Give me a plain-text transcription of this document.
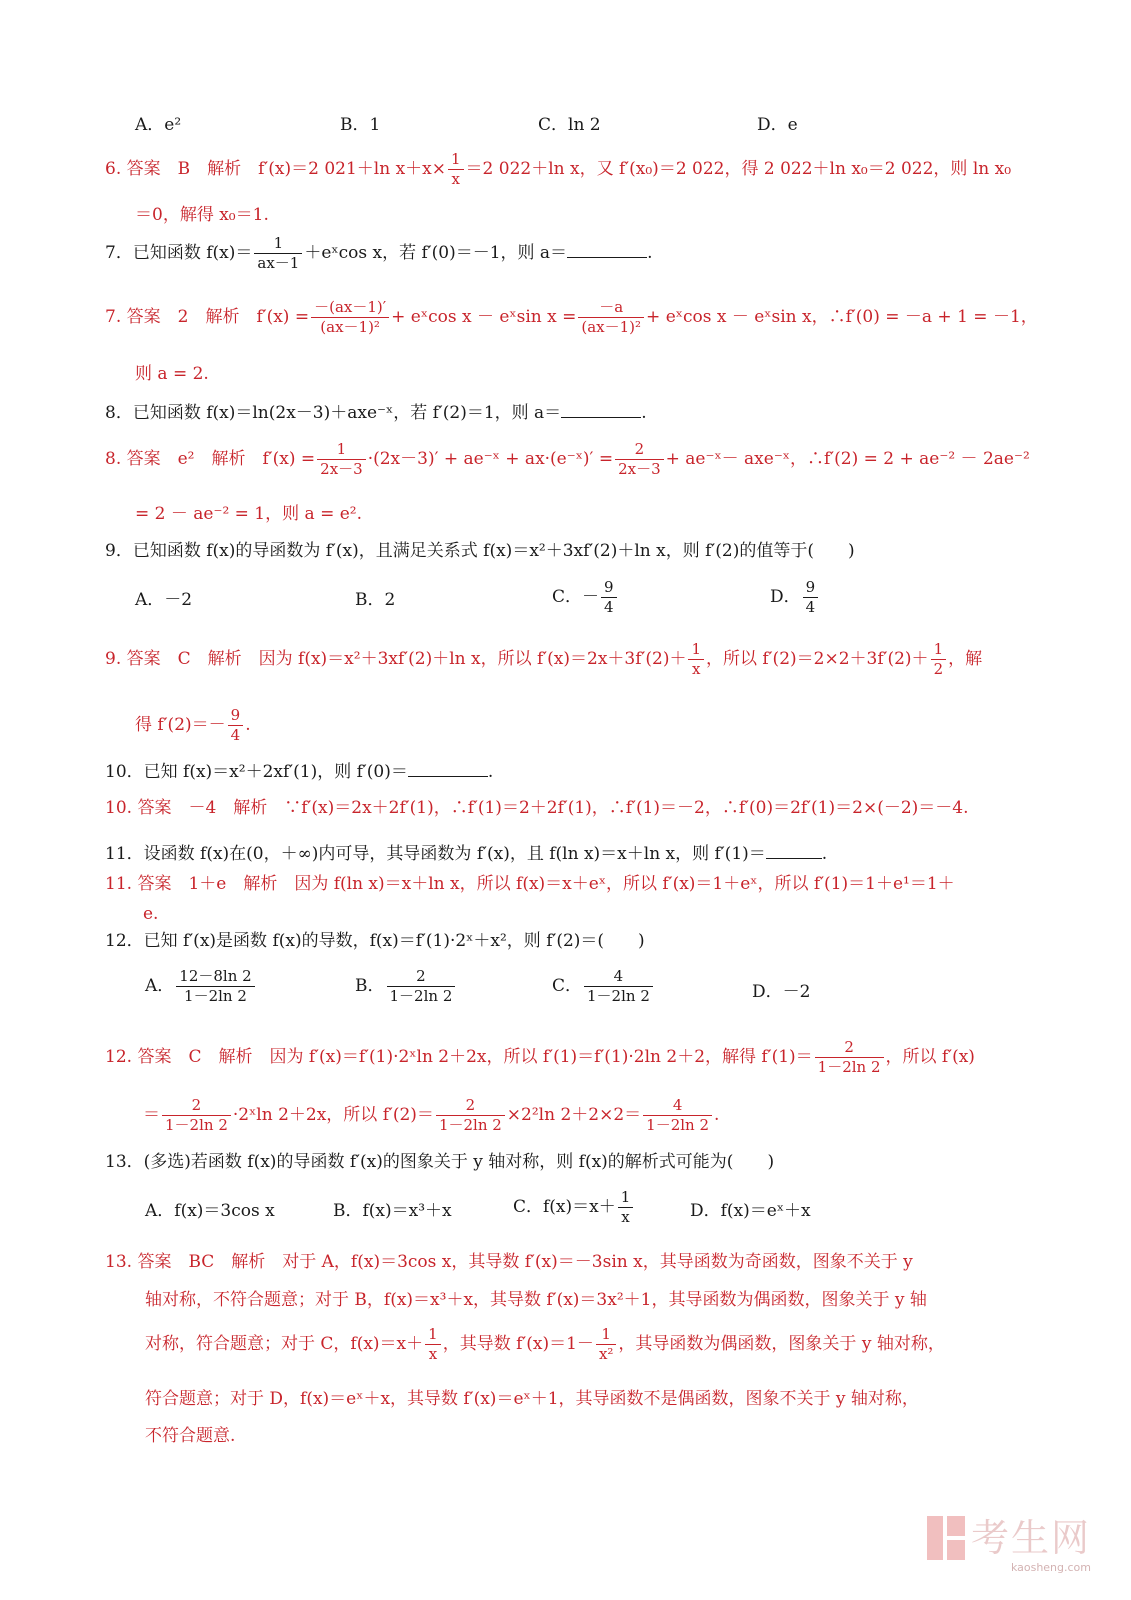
A．e²	B．1	C．ln 2	D．e
6. 答案　B　解析　f′(x)＝2 021＋ln $x+x\times \frac{1}{x} =2$ 022＋ln x，又 f′(x₀)＝2 022，得 2 022＋ln x₀＝2 022，则 ln x₀
＝0，解得 x₀＝1.
7．已知函数 $f(x)= \frac{1}{ax-1}$ ＋eˣcos x，若 f′(0)＝－1，则 a＝	.
7. 答案　2　解析　$f'(x) = \frac{-(ax-1)'}{\text{(ax－1)²}}$ + eˣcos x － eˣsin $x = \frac{-a}{\text{(ax－1)²}}$ + eˣcos x － eˣsin x，∴f′(0) = －a + 1 = －1，
则 a = 2.
8．已知函数 f(x)＝ln(2x－3)＋axe⁻ˣ，若 f′(2)＝1，则 a＝	.
8. 答案　e²　解析　$f'(x) = \frac{1}{2x-3} \cdot(2x-3)'$ + ae⁻ˣ + ax·(e⁻ˣ)′ = $\frac{2}{2x-3}$ + ae⁻ˣ－ axe⁻ˣ，∴f′(2) = 2 + ae⁻² － 2ae⁻²
= 2 － ae⁻² = 1，则 a = e².
9．已知函数 f(x)的导函数为 f′(x)，且满足关系式 f(x)＝x²＋3xf′(2)＋ln x，则 f′(2)的值等于(　　)
A．－2	B．2	C．－ $\frac{9}{4}$	D． $\frac{9}{4}$
9. 答案　C　解析　因为 f(x)＝x²＋3xf′(2)＋ln x，所以 $f'(x)=2x+3f'(2)+ \frac{1}{x}$ ，所以 $f'(2)=2\times 2+3f'(2)+ \frac{1}{2}$ ，解
得 $f'(2)=- \frac{9}{4}$ .
10．已知 f(x)＝x²＋2xf′(1)，则 f′(0)＝	.
10. 答案　－4　解析　∵f′(x)＝2x＋2f′(1)，∴f′(1)＝2＋2f′(1)，∴f′(1)＝－2，∴f′(0)＝2f′(1)＝2×(－2)＝－4.
11．设函数 f(x)在(0，＋∞)内可导，其导函数为 f′(x)，且 f(ln x)＝x＋ln x，则 f′(1)＝	.
11. 答案　1＋e　解析　因为 f(ln x)＝x＋ln x，所以 f(x)＝x＋eˣ，所以 f′(x)＝1＋eˣ，所以 f′(1)＝1＋e¹＝1＋
e.
12．已知 f′(x)是函数 f(x)的导数，f(x)＝f′(1)·2ˣ＋x²，则 f′(2)＝(　　)
A． $\frac{12-8\ln 2}{1-2\ln 2}$	B． $\frac{2}{1-2\ln 2}$	C． $\frac{4}{1-2\ln 2}$	D．－2
12. 答案　C　解析　因为 f′(x)＝f′(1)·2ˣln 2＋2x，所以 f′(1)＝f′(1)·2ln 2＋2，解得 $f'(1)= \frac{2}{1-2\ln 2}$ ，所以 f′(x)
＝ $\frac{2}{1-2\ln 2}$ ·2ˣln 2＋2x，所以 $f'(2)= \frac{2}{1-2\ln 2} \times 2^2\ln$ $2+2\times 2= \frac{4}{1-2\ln 2}$ .
13．(多选)若函数 f(x)的导函数 f′(x)的图象关于 y 轴对称，则 f(x)的解析式可能为(　　)
A．f(x)＝3cos x	B．f(x)＝x³＋x	C．$f(x)=x+ \frac{1}{x}$	D．f(x)＝eˣ＋x
13. 答案　BC　解析　对于 A，f(x)＝3cos x，其导数 f′(x)＝－3sin x，其导函数为奇函数，图象不关于 y
轴对称，不符合题意；对于 B，f(x)＝x³＋x，其导数 f′(x)＝3x²＋1，其导函数为偶函数，图象关于 y 轴
对称，符合题意；对于 C，$f(x)=x+ \frac{1}{x}$ ，其导数 $f'(x)=1- \frac{1}{\text{x²}}$ ，其导函数为偶函数，图象关于 y 轴对称，
符合题意；对于 D，f(x)＝eˣ＋x，其导数 f′(x)＝eˣ＋1，其导函数不是偶函数，图象不关于 y 轴对称，
不符合题意.
考生网
kaosheng.com
